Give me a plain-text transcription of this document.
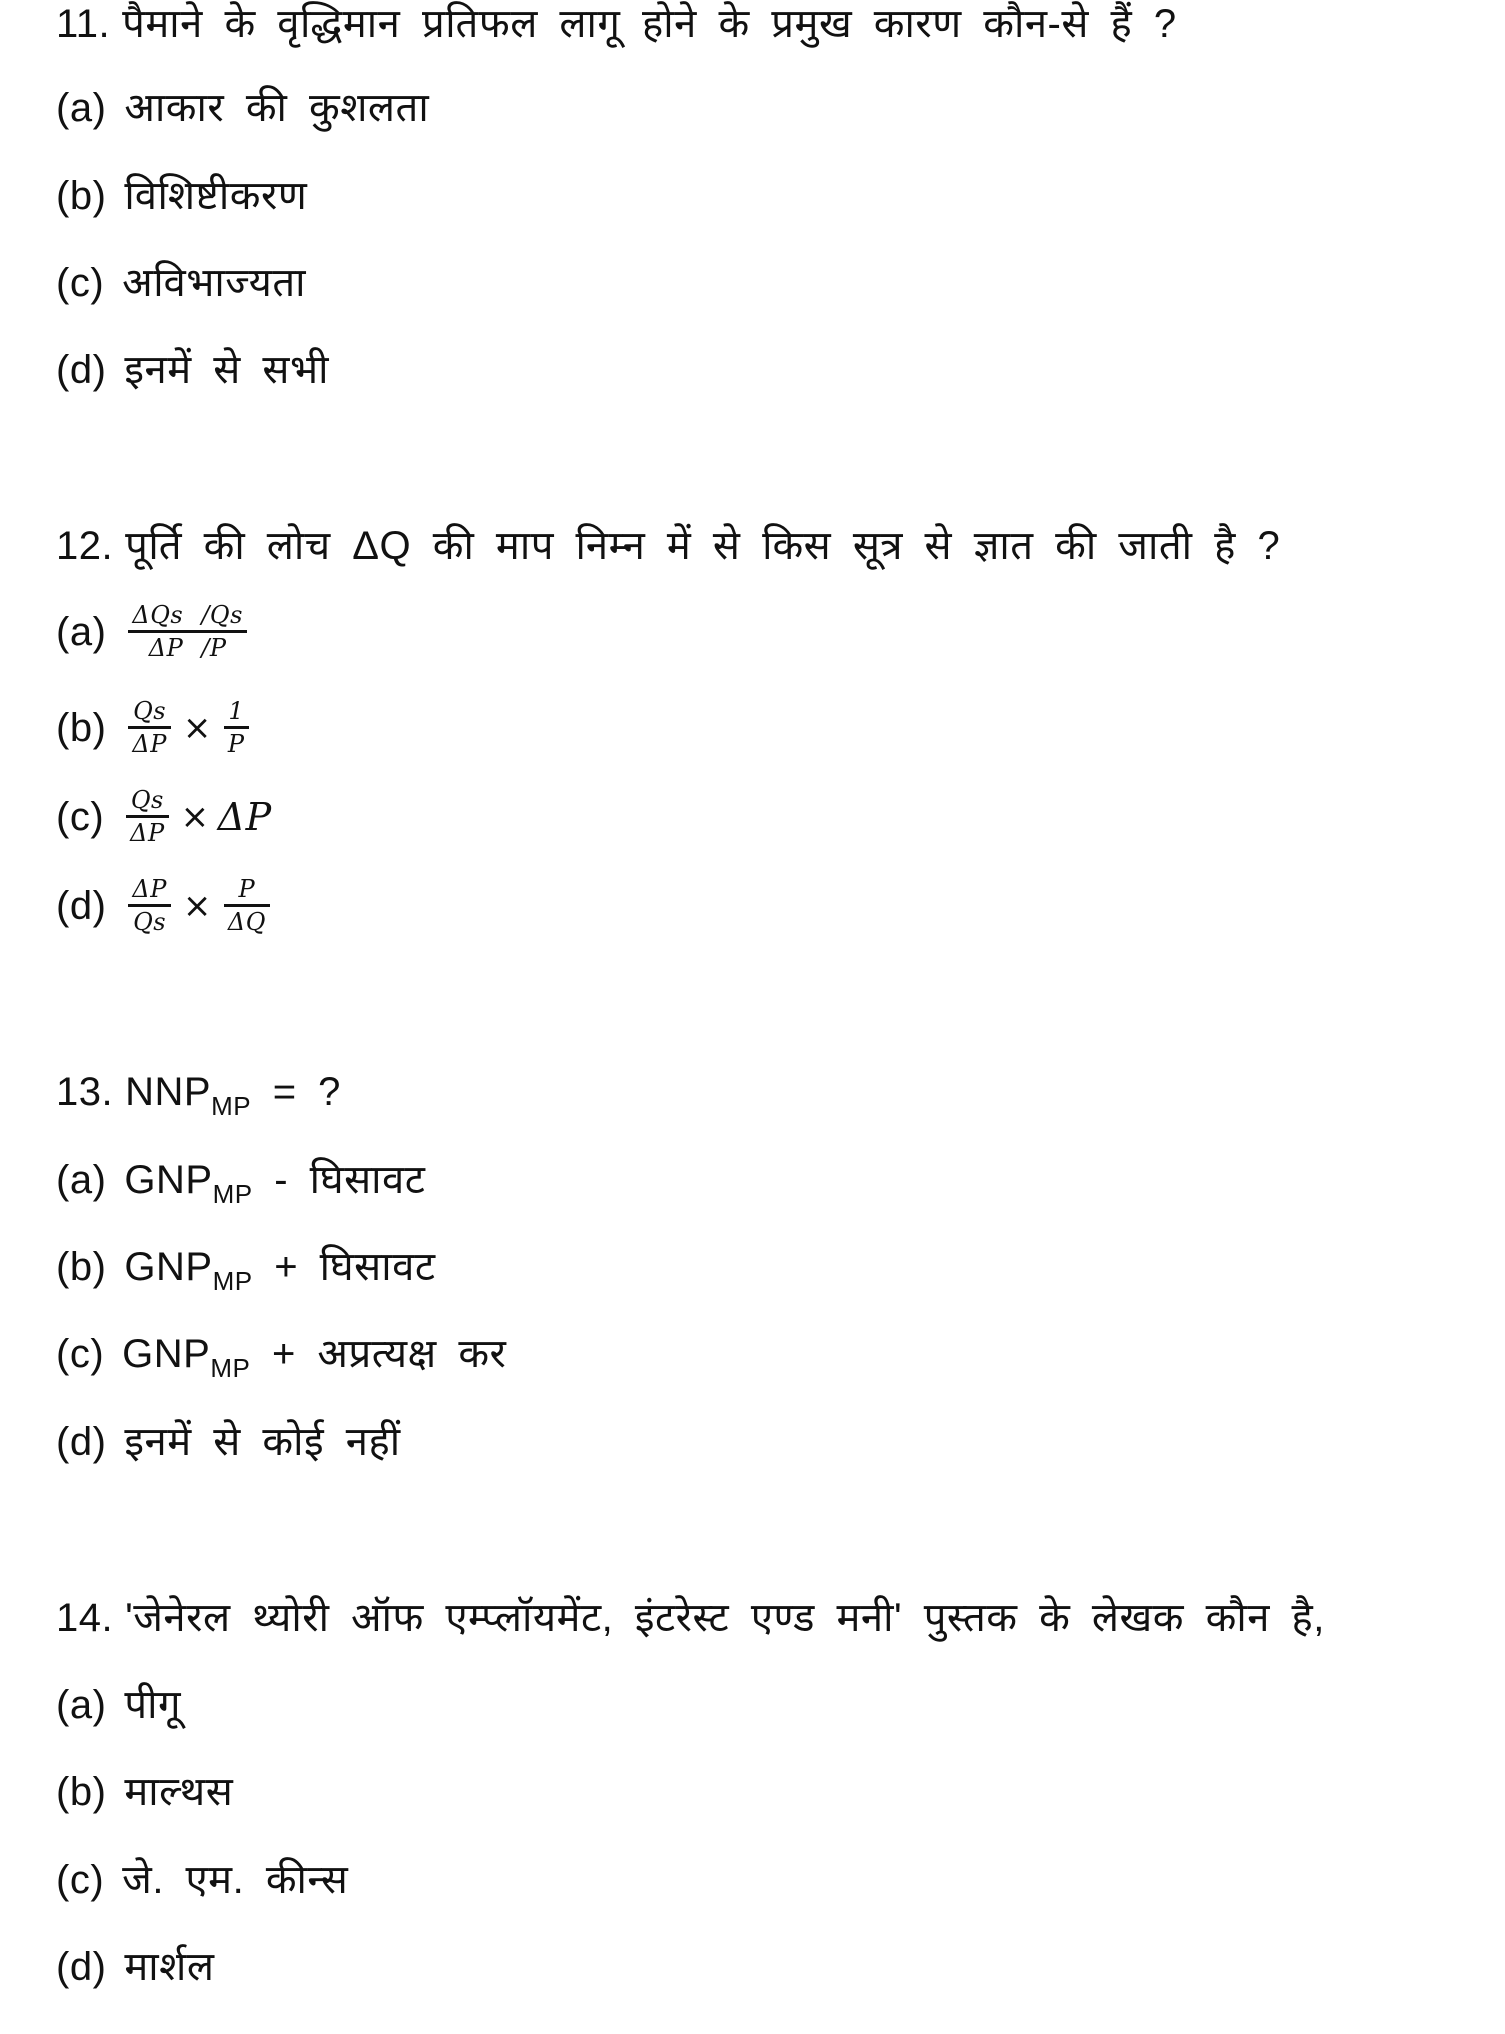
11. पैमाने के वृद्धिमान प्रतिफल लागू होने के प्रमुख कारण कौन-से हैं ?
(a) आकार की कुशलता
(b) विशिष्टीकरण
(c) अविभाज्यता
(d) इनमें से सभी
12. पूर्ति की लोच ΔQ की माप निम्न में से किस सूत्र से ज्ञात की जाती है ?
$(a) \frac{\text{ΔQs /Qs}}{\Delta P /P}$
$(b) \frac{Qs}{\Delta P} \times \frac{1}{P}$
$(c) \frac{Qs}{\Delta P} \times \Delta P$
$(d) \frac{\Delta P}{Qs} \times \frac{P}{\Delta Q}$
13. $NNP_{MP}$ = ?
(a) $GNP_{MP}$ - घिसावट
(b) $GNP_{MP}$ + घिसावट
(c) $GNP_{MP}$ + अप्रत्यक्ष कर
(d) इनमें से कोई नहीं
14. 'जेनेरल थ्योरी ऑफ एम्प्लॉयमेंट, इंटरेस्ट एण्ड मनी' पुस्तक के लेखक कौन है,
(a) पीगू
(b) माल्थस
(c) जे. एम. कीन्स
(d) मार्शल
